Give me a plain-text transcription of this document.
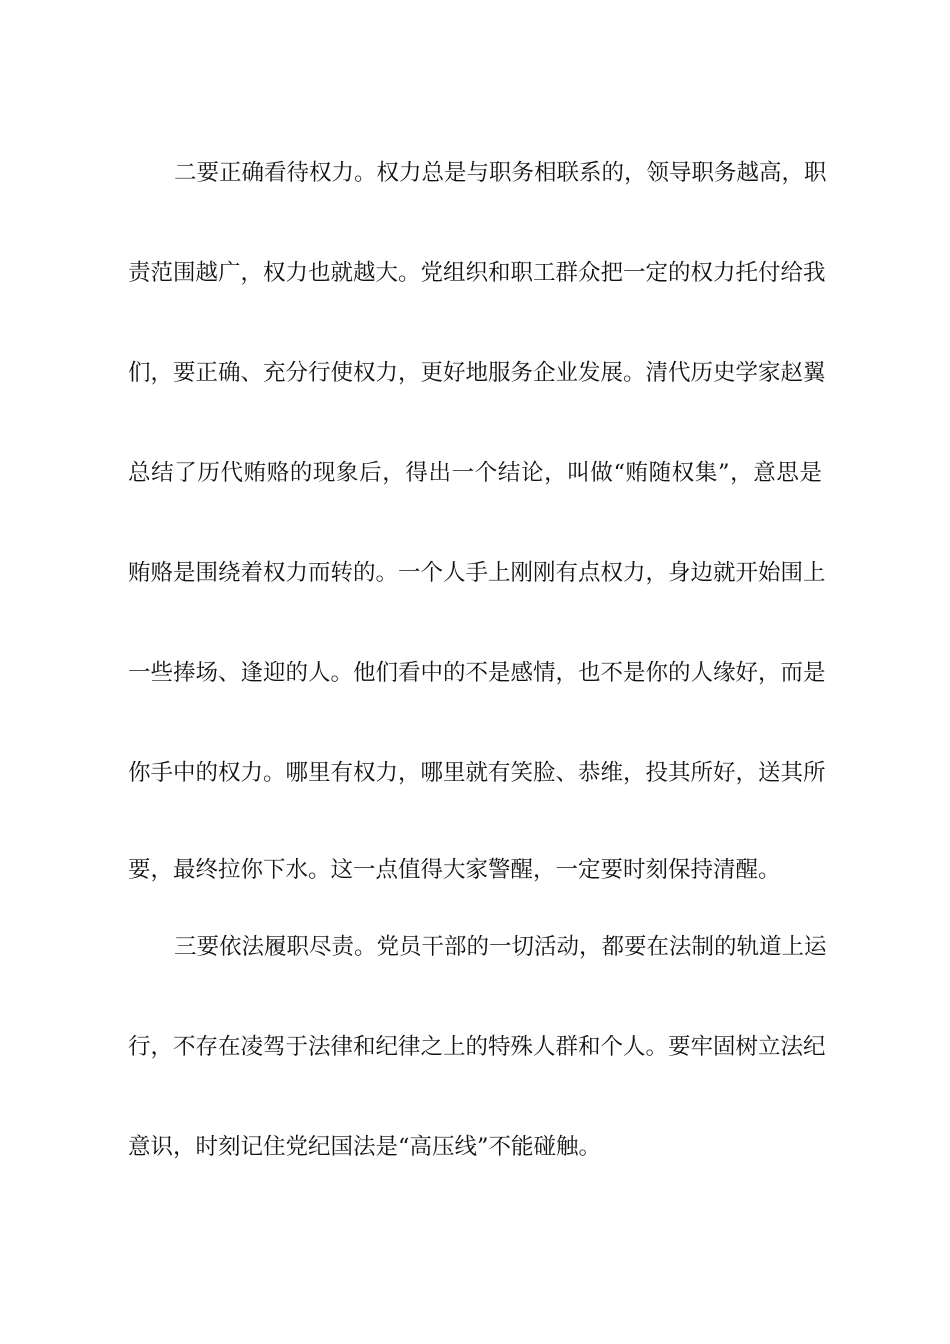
二要正确看待权力。权力总是与职务相联系的，领导职务越高，职
责范围越广，权力也就越大。党组织和职工群众把一定的权力托付给我
们，要正确、充分行使权力，更好地服务企业发展。清代历史学家赵翼
总结了历代贿赂的现象后，得出一个结论，叫做“贿随权集”，意思是
贿赂是围绕着权力而转的。一个人手上刚刚有点权力，身边就开始围上
一些捧场、逢迎的人。他们看中的不是感情，也不是你的人缘好，而是
你手中的权力。哪里有权力，哪里就有笑脸、恭维，投其所好，送其所
要，最终拉你下水。这一点值得大家警醒，一定要时刻保持清醒。
三要依法履职尽责。党员干部的一切活动，都要在法制的轨道上运
行，不存在凌驾于法律和纪律之上的特殊人群和个人。要牢固树立法纪
意识，时刻记住党纪国法是“高压线”不能碰触。
